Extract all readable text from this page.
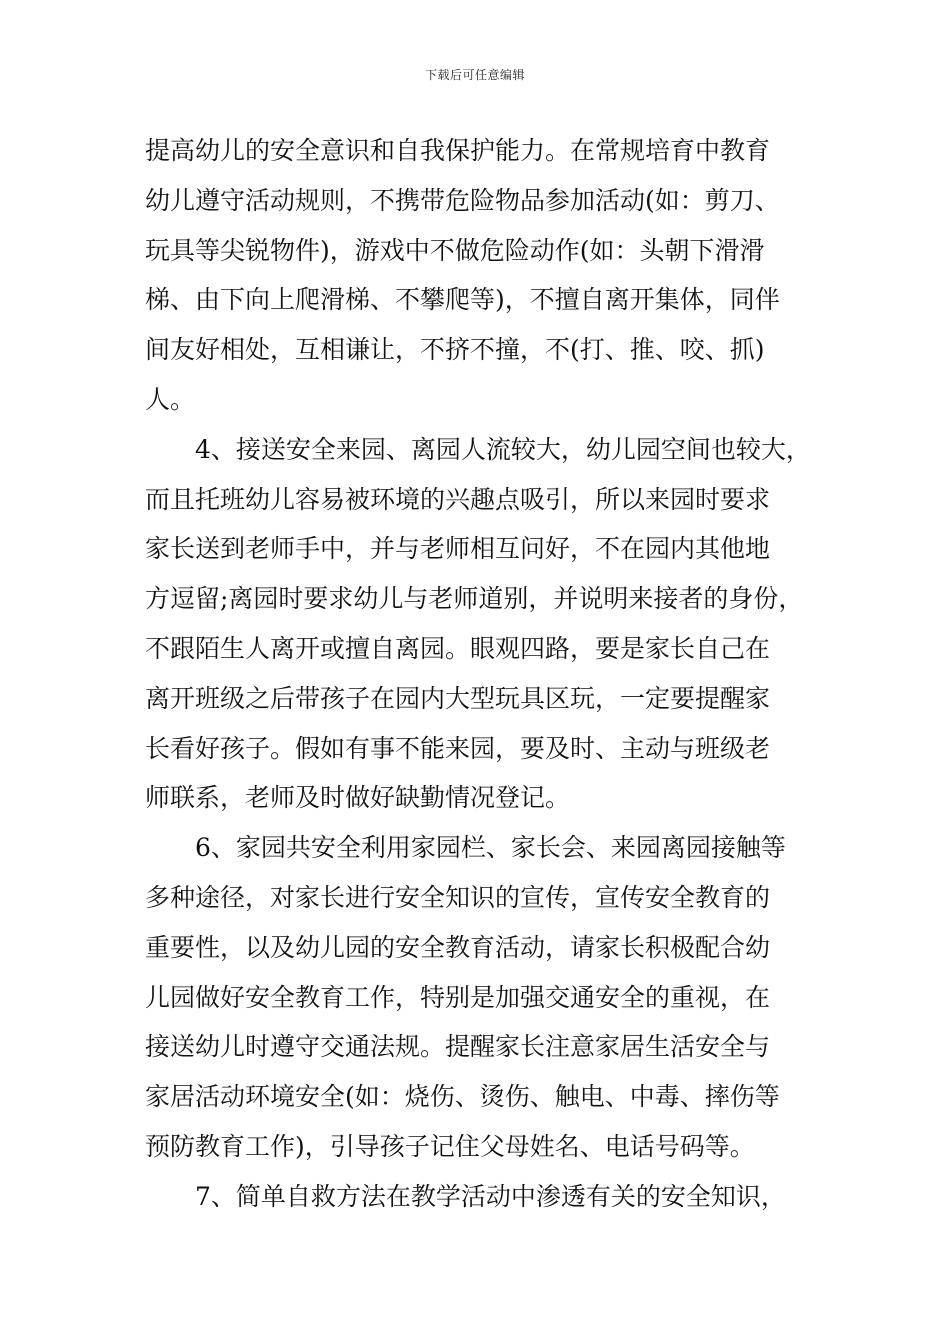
下载后可任意编辑
提高幼儿的安全意识和自我保护能力。在常规培育中教育
幼儿遵守活动规则，不携带危险物品参加活动(如：剪刀、
玩具等尖锐物件)，游戏中不做危险动作(如：头朝下滑滑
梯、由下向上爬滑梯、不攀爬等)，不擅自离开集体，同伴
间友好相处，互相谦让，不挤不撞，不(打、推、咬、抓)
人。
4、接送安全来园、离园人流较大，幼儿园空间也较大，
而且托班幼儿容易被环境的兴趣点吸引，所以来园时要求
家长送到老师手中，并与老师相互问好，不在园内其他地
方逗留;离园时要求幼儿与老师道别，并说明来接者的身份，
不跟陌生人离开或擅自离园。眼观四路，要是家长自己在
离开班级之后带孩子在园内大型玩具区玩，一定要提醒家
长看好孩子。假如有事不能来园，要及时、主动与班级老
师联系，老师及时做好缺勤情况登记。
6、家园共安全利用家园栏、家长会、来园离园接触等
多种途径，对家长进行安全知识的宣传，宣传安全教育的
重要性，以及幼儿园的安全教育活动，请家长积极配合幼
儿园做好安全教育工作，特别是加强交通安全的重视，在
接送幼儿时遵守交通法规。提醒家长注意家居生活安全与
家居活动环境安全(如：烧伤、烫伤、触电、中毒、摔伤等
预防教育工作)，引导孩子记住父母姓名、电话号码等。
7、简单自救方法在教学活动中渗透有关的安全知识，
